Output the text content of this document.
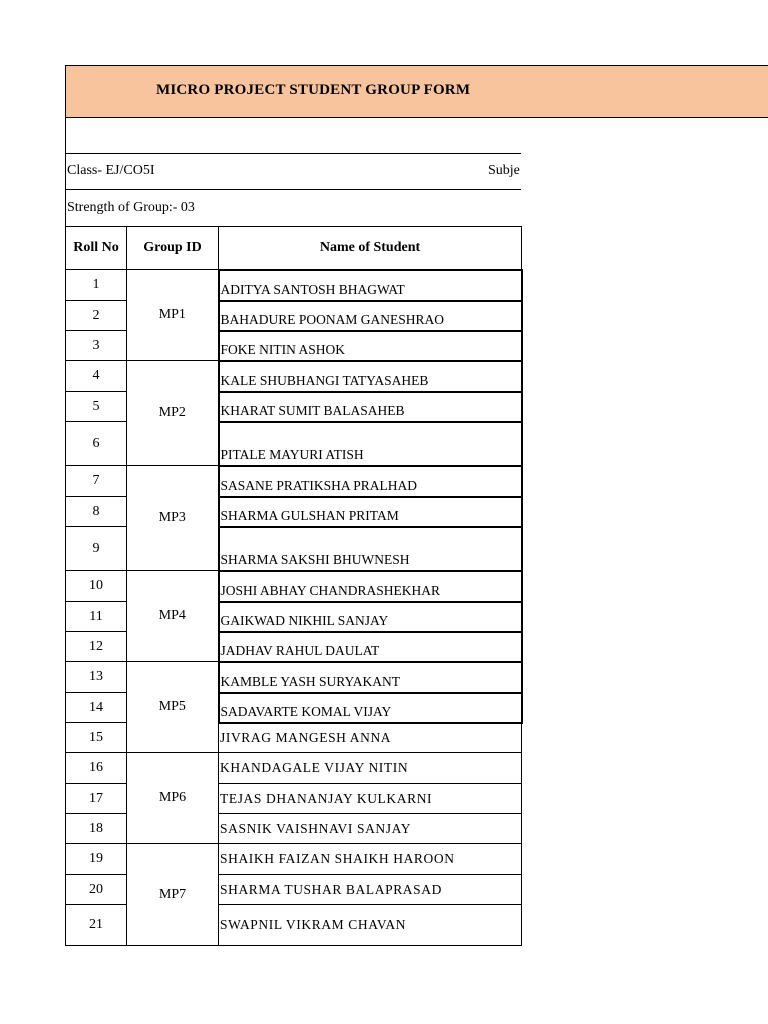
MICRO PROJECT STUDENT GROUP FORM
Class- EJ/CO5I	Subje
Strength of Group:- 03
Roll No	Group ID	Name of Student
1	MP1	ADITYA SANTOSH BHAGWAT
2		BAHADURE POONAM GANESHRAO
3		FOKE NITIN ASHOK
4	MP2	KALE SHUBHANGI TATYASAHEB
5		KHARAT SUMIT BALASAHEB
6		PITALE MAYURI ATISH
7	MP3	SASANE PRATIKSHA PRALHAD
8		SHARMA GULSHAN PRITAM
9		SHARMA SAKSHI BHUWNESH
10	MP4	JOSHI ABHAY CHANDRASHEKHAR
11		GAIKWAD NIKHIL SANJAY
12		JADHAV RAHUL DAULAT
13	MP5	KAMBLE YASH SURYAKANT
14		SADAVARTE KOMAL VIJAY
15		JIVRAG MANGESH ANNA
16	MP6	KHANDAGALE VIJAY NITIN
17		TEJAS DHANANJAY KULKARNI
18		SASNIK VAISHNAVI SANJAY
19	MP7	SHAIKH FAIZAN SHAIKH HAROON
20		SHARMA TUSHAR BALAPRASAD
21		SWAPNIL VIKRAM CHAVAN
